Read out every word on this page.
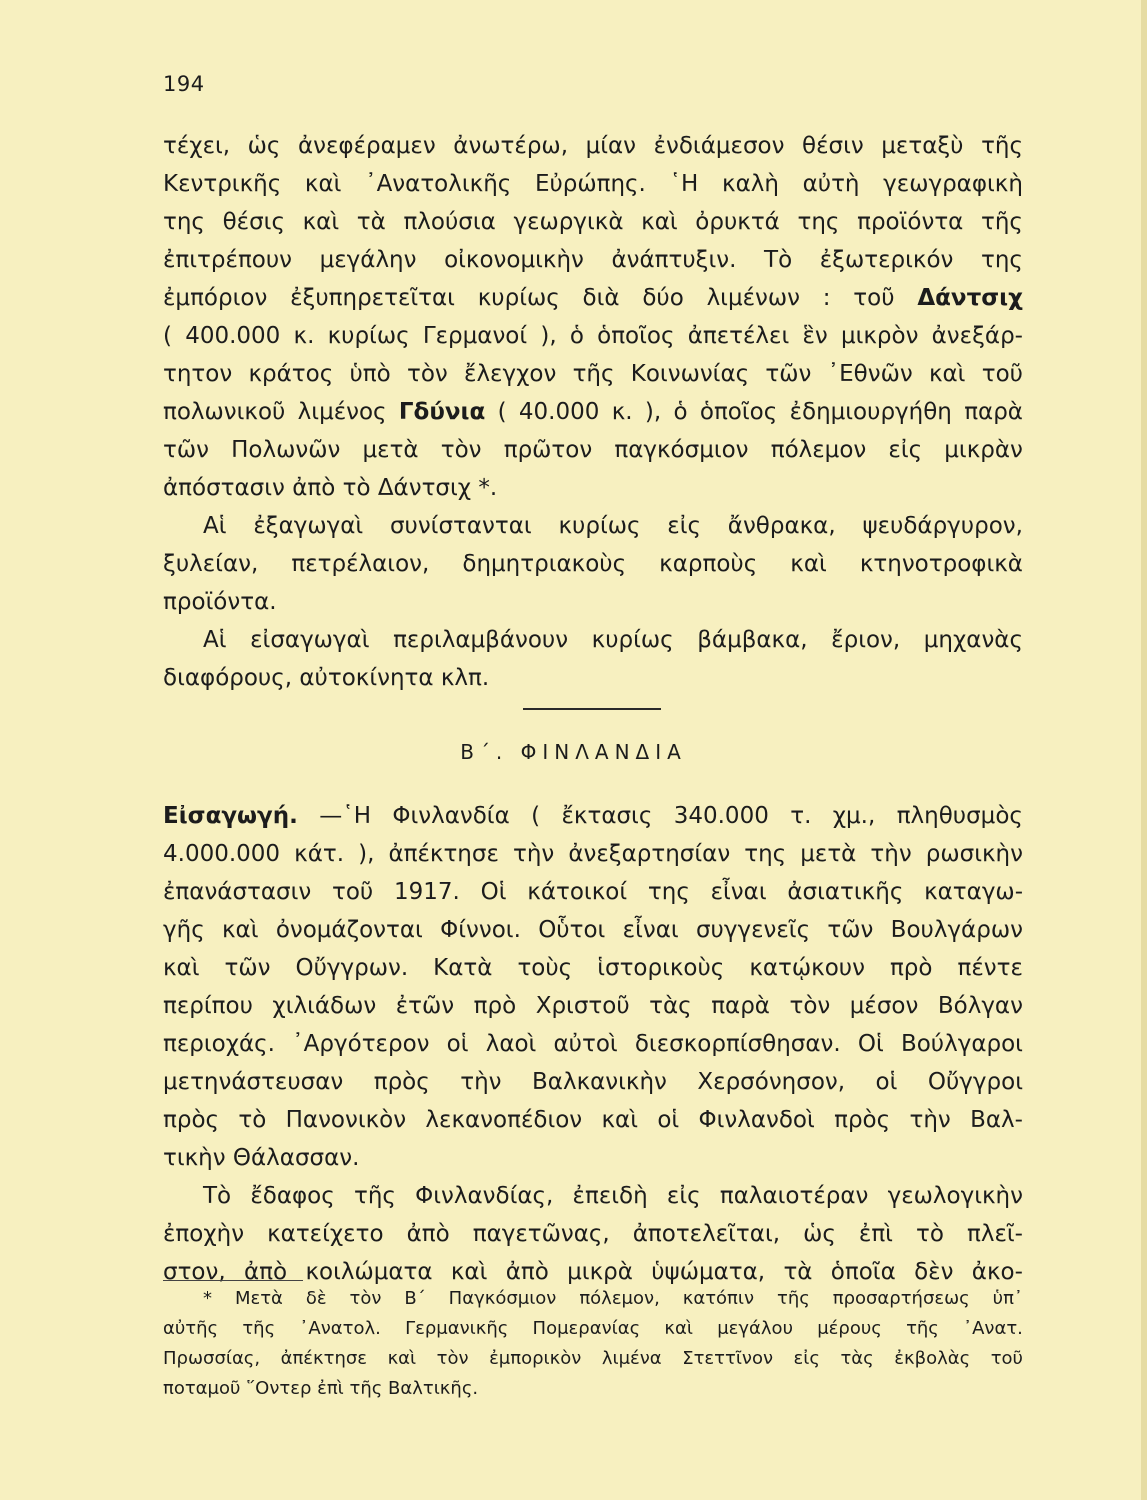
194
τέχει, ὡς ἀνεφέραμεν ἀνωτέρω, μίαν ἐνδιάμεσον θέσιν μεταξὺ τῆς
Κεντρικῆς καὶ ᾿Ανατολικῆς Εὐρώπης. ῾Η καλὴ αὐτὴ γεωγραφικὴ
της θέσις καὶ τὰ πλούσια γεωργικὰ καὶ ὀρυκτά της προϊόντα τῆς
ἐπιτρέπουν μεγάλην οἰκονομικὴν ἀνάπτυξιν. Τὸ ἐξωτερικόν της
ἐμπόριον ἐξυπηρετεῖται κυρίως διὰ δύο λιμένων : τοῦ Δάντσιχ
( 400.000 κ. κυρίως Γερμανοί ), ὁ ὁποῖος ἀπετέλει ἓν μικρὸν ἀνεξάρ-
τητον κράτος ὑπὸ τὸν ἔλεγχον τῆς Κοινωνίας τῶν ᾿Εθνῶν καὶ τοῦ
πολωνικοῦ λιμένος Γδύνια ( 40.000 κ. ), ὁ ὁποῖος ἐδημιουργήθη παρὰ
τῶν Πολωνῶν μετὰ τὸν πρῶτον παγκόσμιον πόλεμον εἰς μικρὰν
ἀπόστασιν ἀπὸ τὸ Δάντσιχ *.
Αἱ ἐξαγωγαὶ συνίστανται κυρίως εἰς ἄνθρακα, ψευδάργυρον,
ξυλείαν, πετρέλαιον, δημητριακοὺς καρποὺς καὶ κτηνοτροφικὰ
προϊόντα.
Αἱ εἰσαγωγαὶ περιλαμβάνουν κυρίως βάμβακα, ἔριον, μηχανὰς
διαφόρους, αὐτοκίνητα κλπ.
Β΄. ΦΙΝΛΑΝΔΙΑ
Εἰσαγωγή. —῾Η Φινλανδία ( ἔκτασις 340.000 τ. χμ., πληθυσμὸς
4.000.000 κάτ. ), ἀπέκτησε τὴν ἀνεξαρτησίαν της μετὰ τὴν ρωσικὴν
ἐπανάστασιν τοῦ 1917. Οἱ κάτοικοί της εἶναι ἀσιατικῆς καταγω-
γῆς καὶ ὀνομάζονται Φίννοι. Οὗτοι εἶναι συγγενεῖς τῶν Βουλγάρων
καὶ τῶν Οὔγγρων. Κατὰ τοὺς ἱστορικοὺς κατῴκουν πρὸ πέντε
περίπου χιλιάδων ἐτῶν πρὸ Χριστοῦ τὰς παρὰ τὸν μέσον Βόλγαν
περιοχάς. ᾿Αργότερον οἱ λαοὶ αὐτοὶ διεσκορπίσθησαν. Οἱ Βούλγαροι
μετηνάστευσαν πρὸς τὴν Βαλκανικὴν Χερσόνησον, οἱ Οὔγγροι
πρὸς τὸ Πανονικὸν λεκανοπέδιον καὶ οἱ Φινλανδοὶ πρὸς τὴν Βαλ-
τικὴν Θάλασσαν.
Τὸ ἔδαφος τῆς Φινλανδίας, ἐπειδὴ εἰς παλαιοτέραν γεωλογικὴν
ἐποχὴν κατείχετο ἀπὸ παγετῶνας, ἀποτελεῖται, ὡς ἐπὶ τὸ πλεῖ-
στον, ἀπὸ κοιλώματα καὶ ἀπὸ μικρὰ ὑψώματα, τὰ ὁποῖα δὲν ἀκο-
* Μετὰ δὲ τὸν Β΄ Παγκόσμιον πόλεμον, κατόπιν τῆς προσαρτήσεως ὑπ᾿
αὐτῆς τῆς ᾿Ανατολ. Γερμανικῆς Πομερανίας καὶ μεγάλου μέρους τῆς ᾿Ανατ.
Πρωσσίας, ἀπέκτησε καὶ τὸν ἐμπορικὸν λιμένα Στεττῖνον εἰς τὰς ἐκβολὰς τοῦ
ποταμοῦ ῞Οντερ ἐπὶ τῆς Βαλτικῆς.
